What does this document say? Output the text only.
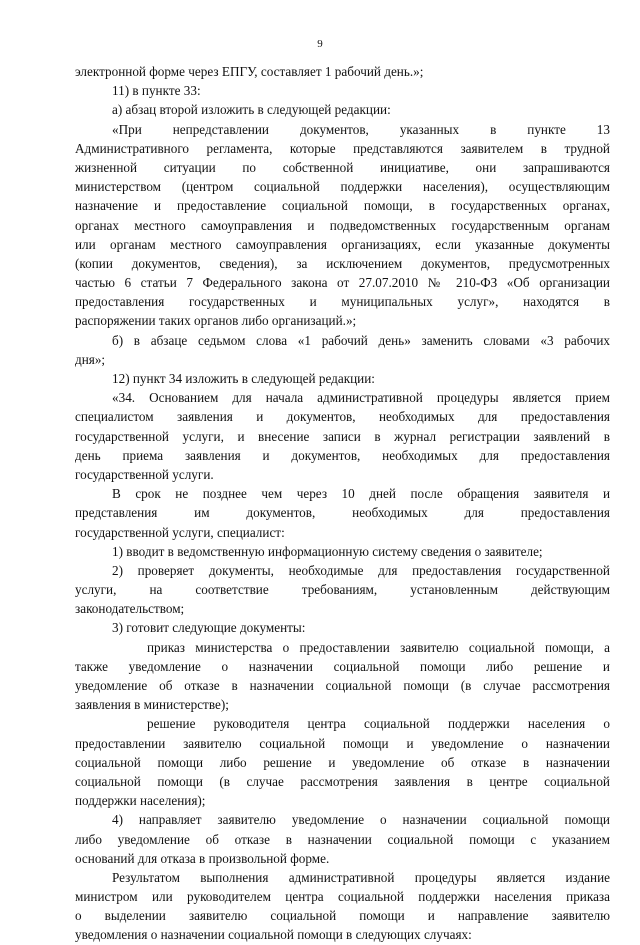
9
электронной форме через ЕПГУ, составляет 1 рабочий день.»;
11) в пункте 33:
а) абзац второй изложить в следующей редакции:
«При непредставлении документов, указанных в пункте 13
Административного регламента, которые представляются заявителем в трудной
жизненной ситуации по собственной инициативе, они запрашиваются
министерством (центром социальной поддержки населения), осуществляющим
назначение и предоставление социальной помощи, в государственных органах,
органах местного самоуправления и подведомственных государственным органам
или органам местного самоуправления организациях, если указанные документы
(копии документов, сведения), за исключением документов, предусмотренных
частью 6 статьи 7 Федерального закона от 27.07.2010 № 210-ФЗ «Об организации
предоставления государственных и муниципальных услуг», находятся в
распоряжении таких органов либо организаций.»;
б) в абзаце седьмом слова «1 рабочий день» заменить словами «3 рабочих
дня»;
12) пункт 34 изложить в следующей редакции:
«34. Основанием для начала административной процедуры является прием
специалистом заявления и документов, необходимых для предоставления
государственной услуги, и внесение записи в журнал регистрации заявлений в
день приема заявления и документов, необходимых для предоставления
государственной услуги.
В срок не позднее чем через 10 дней после обращения заявителя и
представления им документов, необходимых для предоставления
государственной услуги, специалист:
1) вводит в ведомственную информационную систему сведения о заявителе;
2) проверяет документы, необходимые для предоставления государственной
услуги, на соответствие требованиям, установленным действующим
законодательством;
3) готовит следующие документы:
приказ министерства о предоставлении заявителю социальной помощи, а
также уведомление о назначении социальной помощи либо решение и
уведомление об отказе в назначении социальной помощи (в случае рассмотрения
заявления в министерстве);
решение руководителя центра социальной поддержки населения о
предоставлении заявителю социальной помощи и уведомление о назначении
социальной помощи либо решение и уведомление об отказе в назначении
социальной помощи (в случае рассмотрения заявления в центре социальной
поддержки населения);
4) направляет заявителю уведомление о назначении социальной помощи
либо уведомление об отказе в назначении социальной помощи с указанием
оснований для отказа в произвольной форме.
Результатом выполнения административной процедуры является издание
министром или руководителем центра социальной поддержки населения приказа
о выделении заявителю социальной помощи и направление заявителю
уведомления о назначении социальной помощи в следующих случаях:
